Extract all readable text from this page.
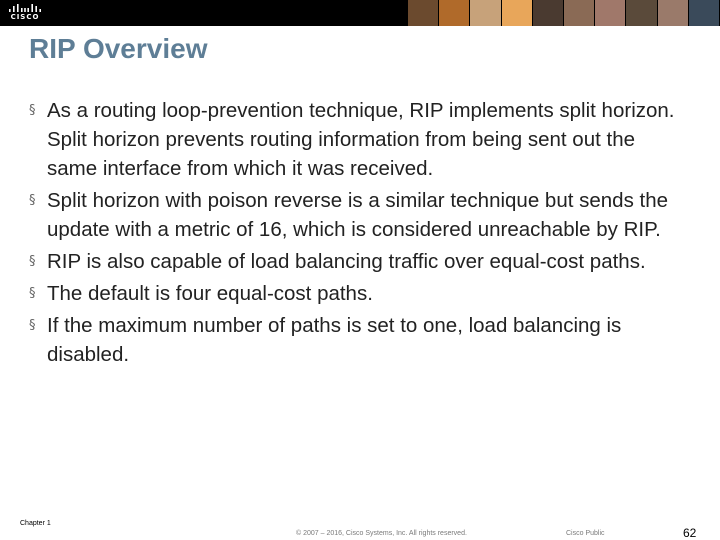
CISCO
RIP Overview
§ As a routing loop-prevention technique, RIP implements split horizon. Split horizon prevents routing information from being sent out the same interface from which it was received.
§ Split horizon with poison reverse is a similar technique but sends the update with a metric of 16, which is considered unreachable by RIP.
§ RIP is also capable of load balancing traffic over equal-cost paths.
§ The default is four equal-cost paths.
§ If the maximum number of paths is set to one, load balancing is disabled.
Chapter 1
© 2007 – 2016, Cisco Systems, Inc. All rights reserved.	Cisco Public	62
